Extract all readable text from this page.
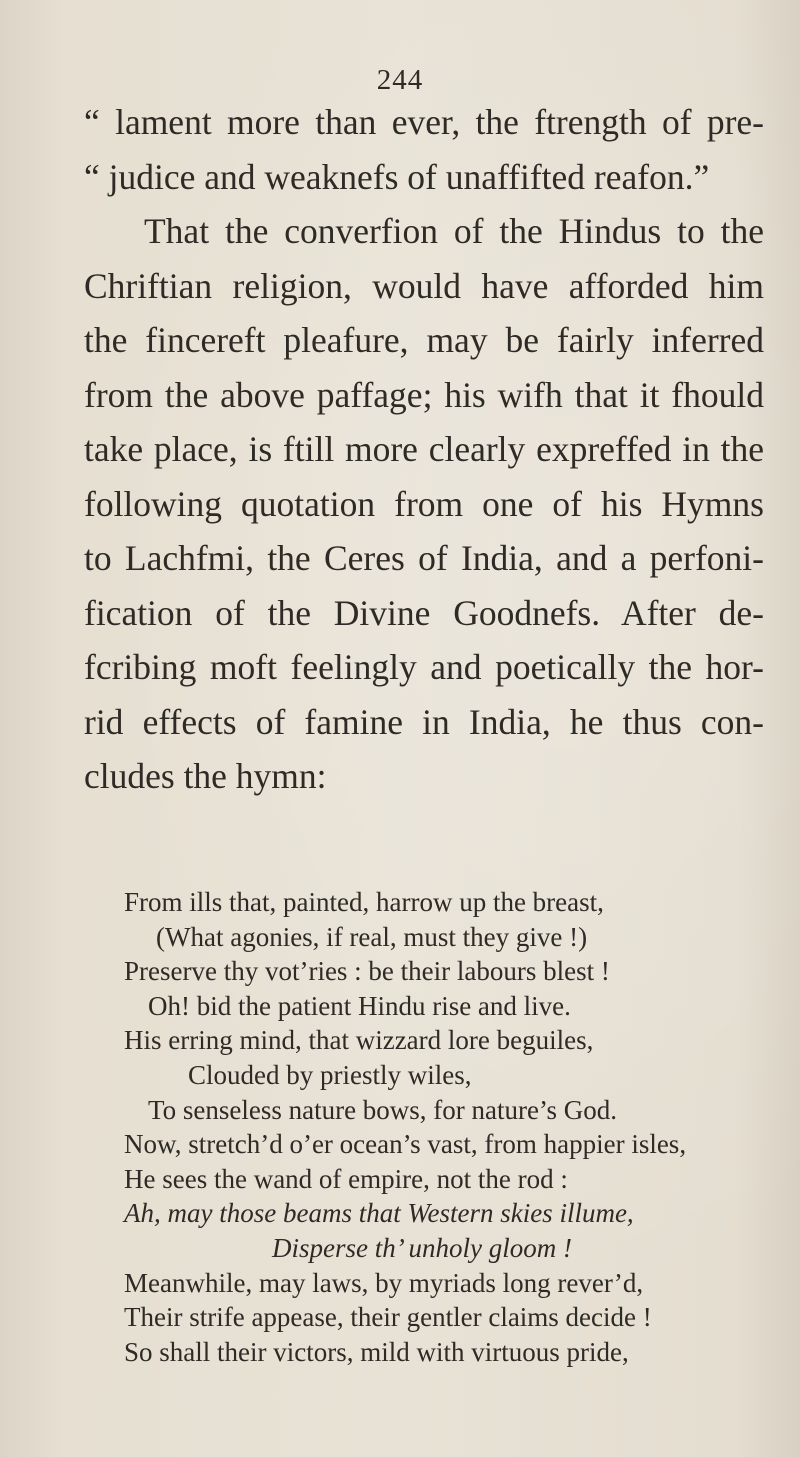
244
“ lament more than ever, the ftrength of pre-
“ judice and weaknefs of unaffifted reafon.”
That the converfion of the Hindus to the
Chriftian religion, would have afforded him
the fincereft pleafure, may be fairly inferred
from the above paffage; his wifh that it fhould
take place, is ftill more clearly expreffed in the
following quotation from one of his Hymns
to Lachfmi, the Ceres of India, and a perfoni-
fication of the Divine Goodnefs. After de-
fcribing moft feelingly and poetically the hor-
rid effects of famine in India, he thus con-
cludes the hymn:
From ills that, painted, harrow up the breast,
(What agonies, if real, must they give !)
Preserve thy vot’ries : be their labours blest !
Oh! bid the patient Hindu rise and live.
His erring mind, that wizzard lore beguiles,
Clouded by priestly wiles,
To senseless nature bows, for nature’s God.
Now, stretch’d o’er ocean’s vast, from happier isles,
He sees the wand of empire, not the rod :
Ah, may those beams that Western skies illume,
Disperse th’ unholy gloom !
Meanwhile, may laws, by myriads long rever’d,
Their strife appease, their gentler claims decide !
So shall their victors, mild with virtuous pride,
